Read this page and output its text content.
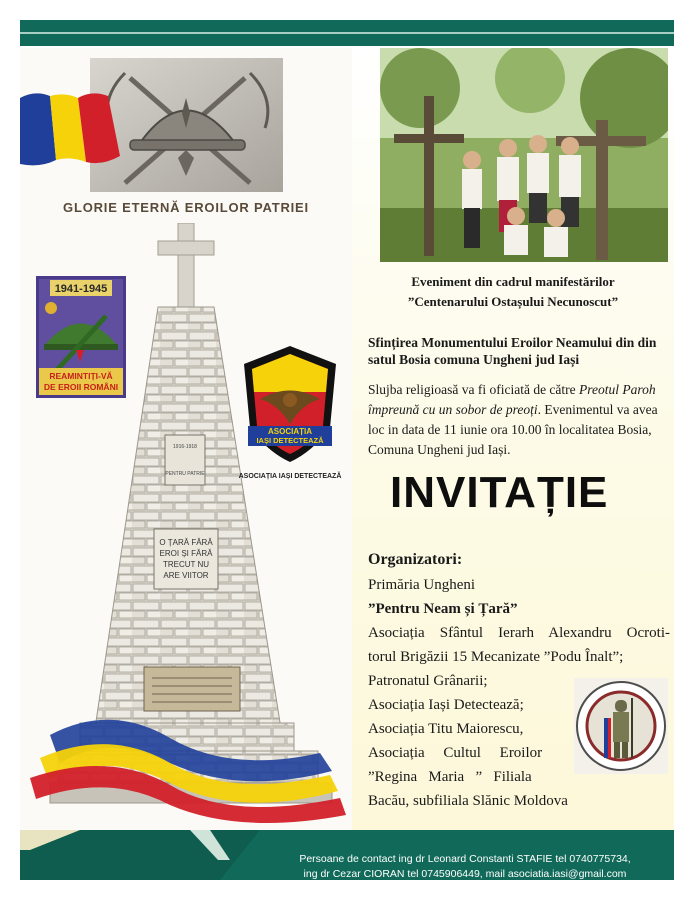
GLORIE ETERNĂ EROILOR PATRIEI
1941-1945
REAMINTIȚI-VĂ
DE EROII ROMÂNI
1916-1918
PENTRU PATRIE
O ȚARĂ FĂRĂ
EROI ȘI FĂRĂ
TRECUT NU
ARE VIITOR
ASOCIAȚIA
IAȘI DETECTEAZĂ
ASOCIAȚIA IAȘI DETECTEAZĂ
Eveniment din cadrul manifestărilor
”Centenarului Ostașului Necunoscut”
Sfințirea Monumentului Eroilor Neamului din din satul Bosia comuna Ungheni jud Iași
Slujba religioasă va fi oficiată de către Preotul Paroh împreună cu un sobor de preoți. Evenimentul va avea loc in data de 11 iunie ora 10.00 în localitatea Bosia, Comuna Ungheni jud Iași.
INVITAȚIE
Organizatori:
Primăria Ungheni
”Pentru Neam și Țară”
Asociația Sfântul Ierarh Alexandru Ocroti-
torul Brigăzii 15 Mecanizate ”Podu Înalt”;
Patronatul Grânarii;
Asociația Iași Detectează;
Asociația Titu Maiorescu,
Asociația     Cultul     Eroilor
”Regina   Maria   ”   Filiala
Bacău, subfiliala Slănic Moldova
Persoane de contact ing dr Leonard Constanti STAFIE tel 0740775734,
ing dr Cezar CIORAN tel 0745906449, mail asociatia.iasi@gmail.com
